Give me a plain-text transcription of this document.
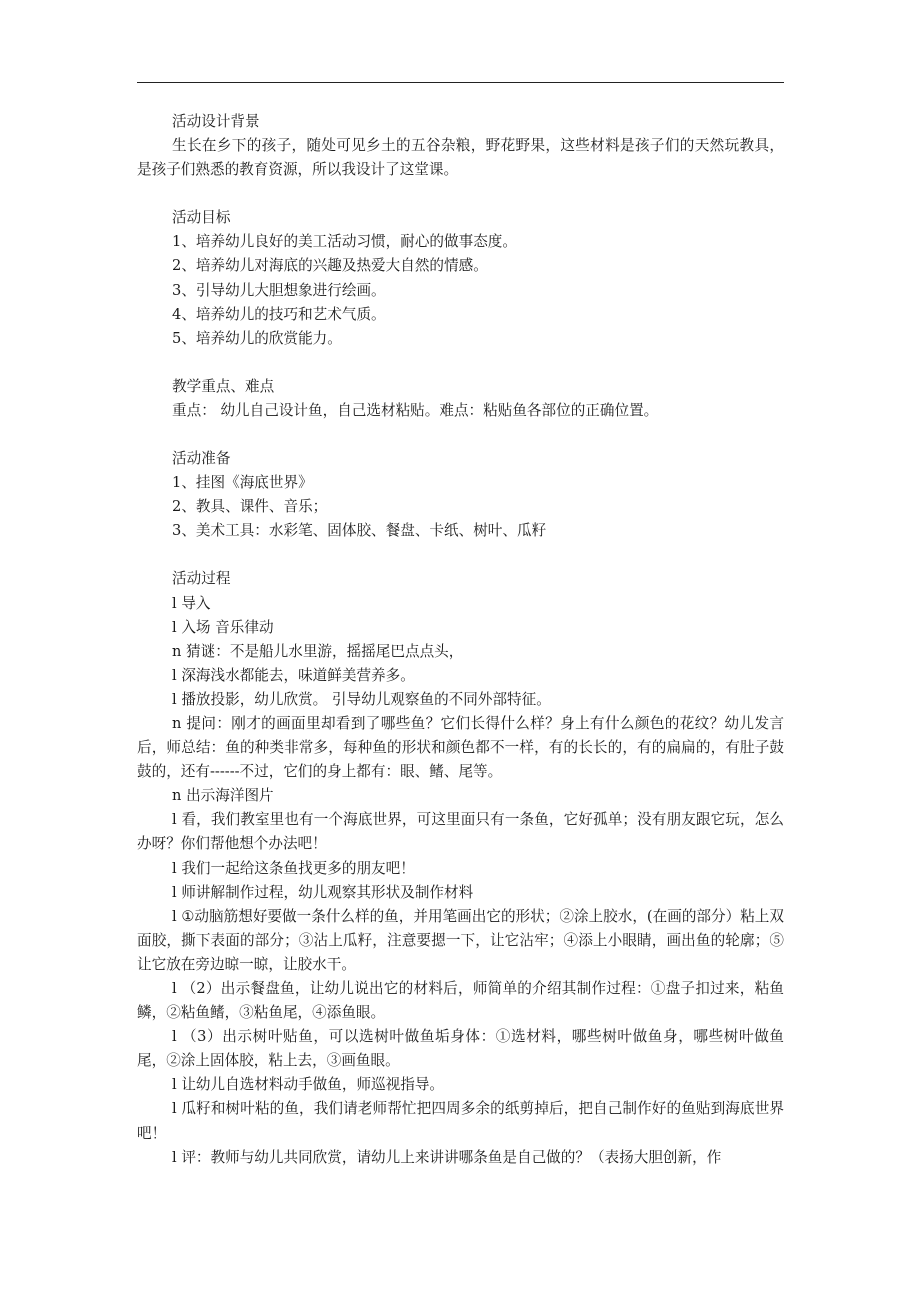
活动设计背景

生长在乡下的孩子，随处可见乡土的五谷杂粮，野花野果，这些材料是孩子们的天然玩教具，是孩子们熟悉的教育资源，所以我设计了这堂课。

活动目标

1、培养幼儿良好的美工活动习惯，耐心的做事态度。

2、培养幼儿对海底的兴趣及热爱大自然的情感。

3、引导幼儿大胆想象进行绘画。

4、培养幼儿的技巧和艺术气质。

5、培养幼儿的欣赏能力。

教学重点、难点

重点： 幼儿自己设计鱼，自己选材粘贴。难点：粘贴鱼各部位的正确位置。

活动准备

1、挂图《海底世界》

2、教具、课件、音乐；

3、美术工具：水彩笔、固体胶、餐盘、卡纸、树叶、瓜籽

活动过程

l 导入

l 入场 音乐律动

n 猜谜：不是船儿水里游，摇摇尾巴点点头，

l 深海浅水都能去，味道鲜美营养多。

l 播放投影，幼儿欣赏。 引导幼儿观察鱼的不同外部特征。

n 提问：刚才的画面里却看到了哪些鱼？它们长得什么样？身上有什么颜色的花纹？幼儿发言后，师总结：鱼的种类非常多，每种鱼的形状和颜色都不一样，有的长长的，有的扁扁的，有肚子鼓鼓的，还有------不过，它们的身上都有：眼、鳍、尾等。

n 出示海洋图片

l 看，我们教室里也有一个海底世界，可这里面只有一条鱼，它好孤单；没有朋友跟它玩，怎么办呀？你们帮他想个办法吧！

l 我们一起给这条鱼找更多的朋友吧！

l 师讲解制作过程，幼儿观察其形状及制作材料

l ①动脑筋想好要做一条什么样的鱼，并用笔画出它的形状；②涂上胶水，(在画的部分）粘上双面胶，撕下表面的部分；③沾上瓜籽，注意要摁一下，让它沾牢；④添上小眼睛，画出鱼的轮廓；⑤让它放在旁边晾一晾，让胶水干。

l （2）出示餐盘鱼，让幼儿说出它的材料后，师简单的介绍其制作过程：①盘子扣过来，粘鱼鳞，②粘鱼鳍，③粘鱼尾，④添鱼眼。

l （3）出示树叶贴鱼，可以选树叶做鱼垢身体：①选材料，哪些树叶做鱼身，哪些树叶做鱼尾，②涂上固体胶，粘上去，③画鱼眼。

l 让幼儿自选材料动手做鱼，师巡视指导。

l 瓜籽和树叶粘的鱼，我们请老师帮忙把四周多余的纸剪掉后，把自己制作好的鱼贴到海底世界吧！

l 评：教师与幼儿共同欣赏，请幼儿上来讲讲哪条鱼是自己做的？（表扬大胆创新，作
